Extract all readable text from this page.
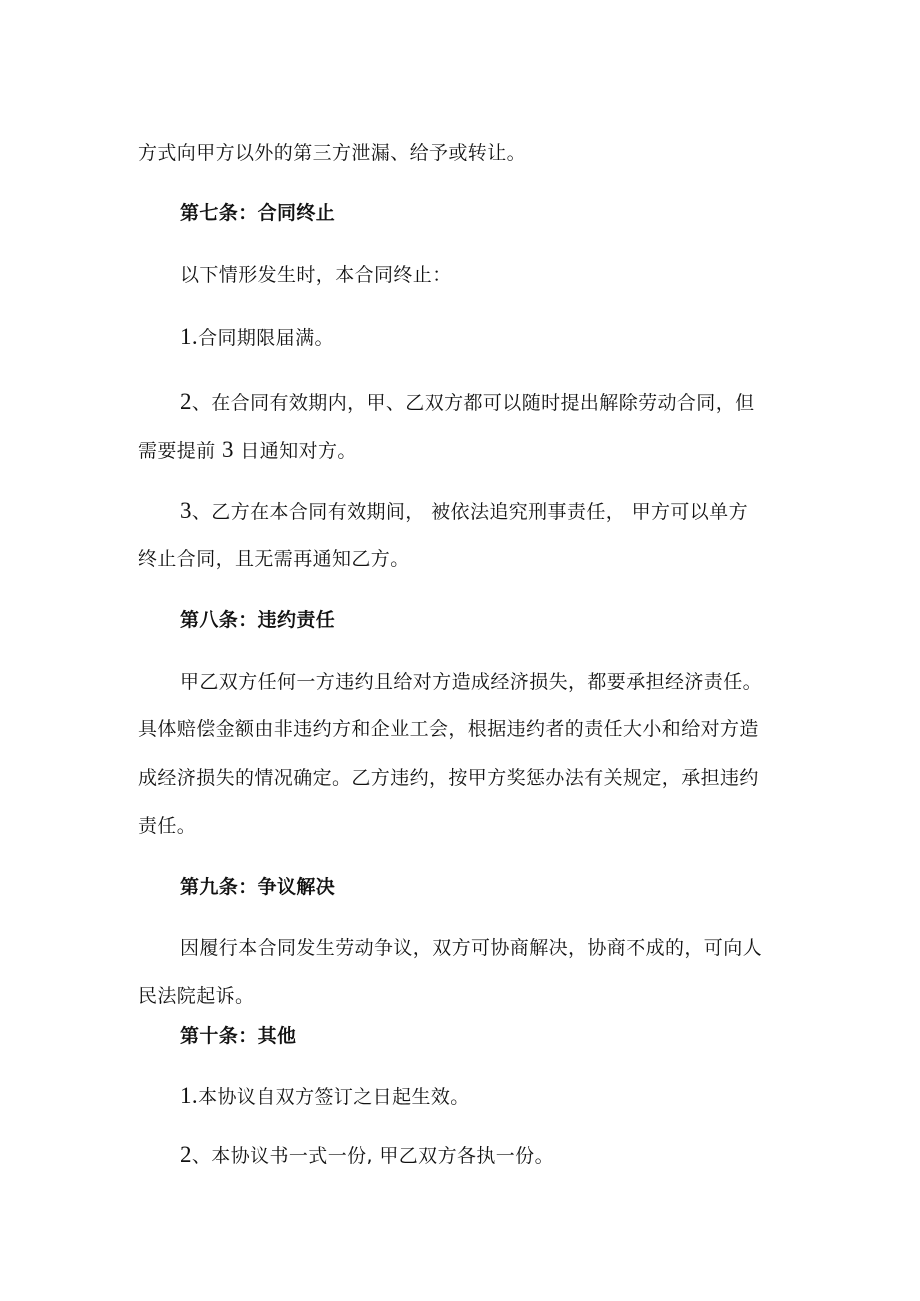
方式向甲方以外的第三方泄漏、给予或转让。
第七条：合同终止
以下情形发生时，本合同终止：
1.合同期限届满。
2、在合同有效期内，甲、乙双方都可以随时提出解除劳动合同，但
需要提前 3 日通知对方。
3、乙方在本合同有效期间， 被依法追究刑事责任， 甲方可以单方
终止合同，且无需再通知乙方。
第八条：违约责任
甲乙双方任何一方违约且给对方造成经济损失，都要承担经济责任。
具体赔偿金额由非违约方和企业工会，根据违约者的责任大小和给对方造
成经济损失的情况确定。乙方违约，按甲方奖惩办法有关规定，承担违约
责任。
第九条：争议解决
因履行本合同发生劳动争议，双方可协商解决，协商不成的，可向人
民法院起诉。
第十条：其他
1.本协议自双方签订之日起生效。
2、本协议书一式一份, 甲乙双方各执一份。
